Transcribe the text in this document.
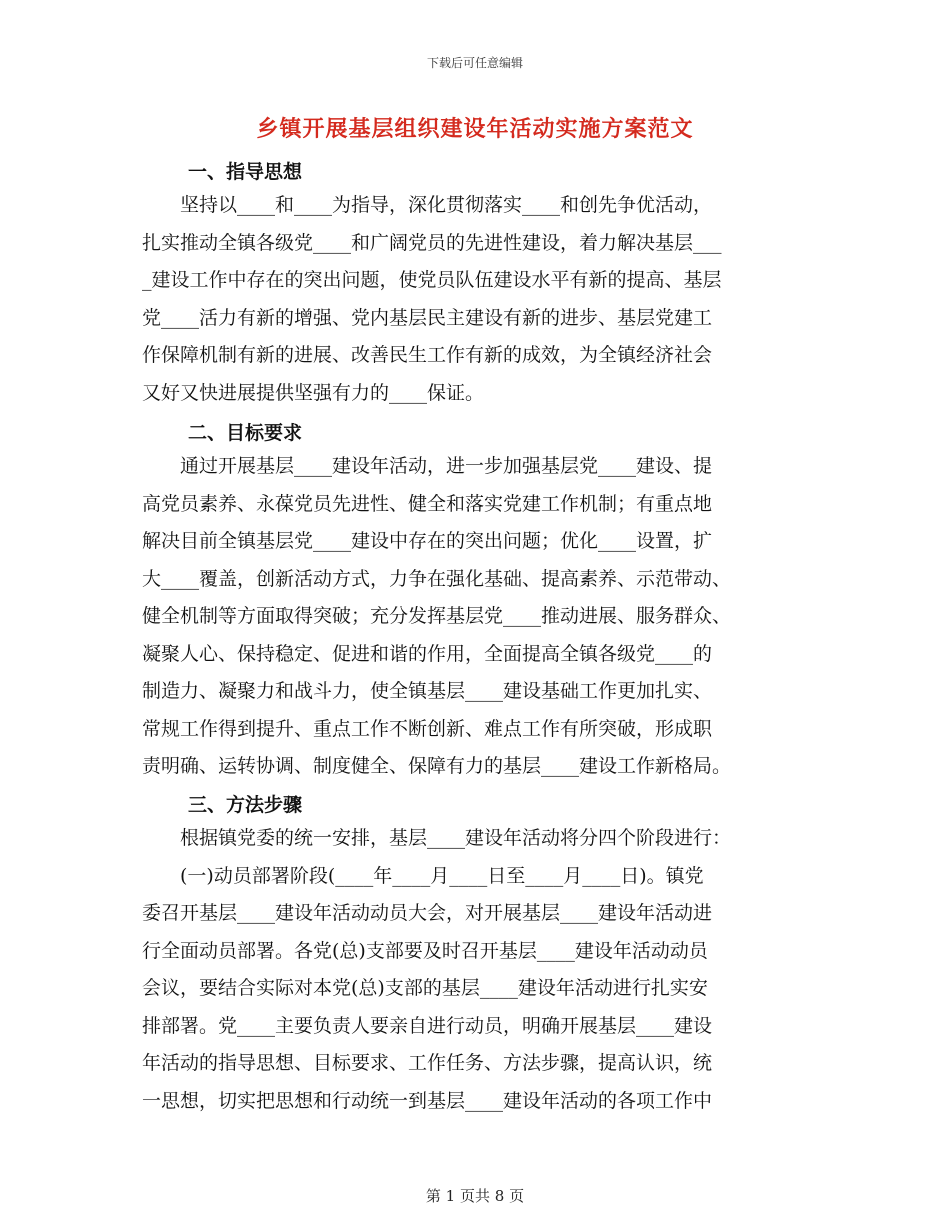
下载后可任意编辑
乡镇开展基层组织建设年活动实施方案范文
一、指导思想
　　坚持以____和____为指导，深化贯彻落实____和创先争优活动，
扎实推动全镇各级党____和广阔党员的先进性建设，着力解决基层___
_建设工作中存在的突出问题，使党员队伍建设水平有新的提高、基层
党____活力有新的增强、党内基层民主建设有新的进步、基层党建工
作保障机制有新的进展、改善民生工作有新的成效，为全镇经济社会
又好又快进展提供坚强有力的____保证。
二、目标要求
　　通过开展基层____建设年活动，进一步加强基层党____建设、提
高党员素养、永葆党员先进性、健全和落实党建工作机制；有重点地
解决目前全镇基层党____建设中存在的突出问题；优化____设置，扩
大____覆盖，创新活动方式，力争在强化基础、提高素养、示范带动、
健全机制等方面取得突破；充分发挥基层党____推动进展、服务群众、
凝聚人心、保持稳定、促进和谐的作用，全面提高全镇各级党____的
制造力、凝聚力和战斗力，使全镇基层____建设基础工作更加扎实、
常规工作得到提升、重点工作不断创新、难点工作有所突破，形成职
责明确、运转协调、制度健全、保障有力的基层____建设工作新格局。
三、方法步骤
　　根据镇党委的统一安排，基层____建设年活动将分四个阶段进行：
　　(一)动员部署阶段(____年____月____日至____月____日)。镇党
委召开基层____建设年活动动员大会，对开展基层____建设年活动进
行全面动员部署。各党(总)支部要及时召开基层____建设年活动动员
会议，要结合实际对本党(总)支部的基层____建设年活动进行扎实安
排部署。党____主要负责人要亲自进行动员，明确开展基层____建设
年活动的指导思想、目标要求、工作任务、方法步骤，提高认识，统
一思想，切实把思想和行动统一到基层____建设年活动的各项工作中
第 1 页共 8 页
